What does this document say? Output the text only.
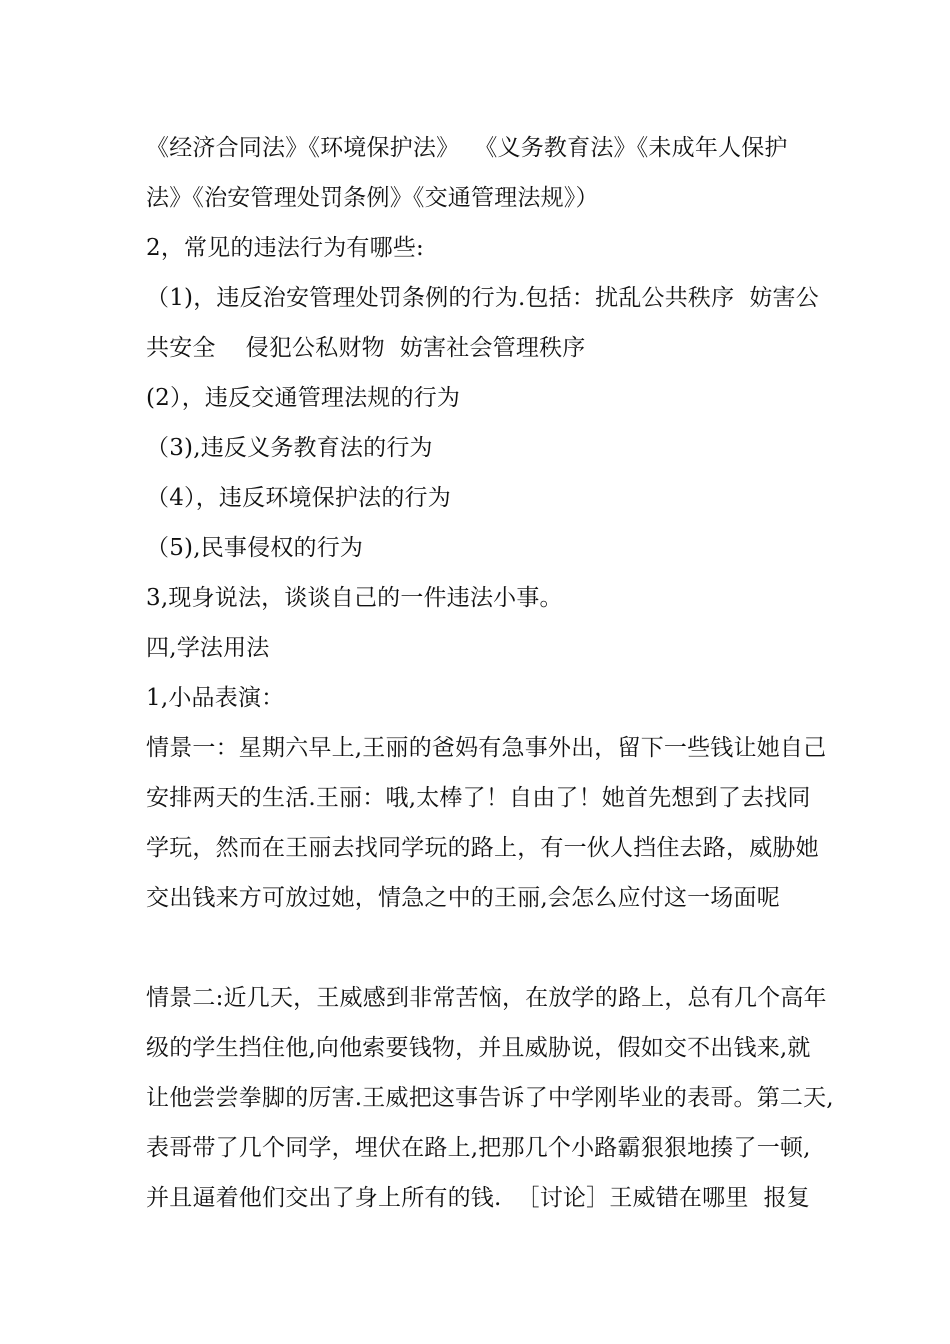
《经济合同法》《环境保护法》  《义务教育法》《未成年人保护
法》《治安管理处罚条例》《交通管理法规》）
2，常见的违法行为有哪些:
（1)，违反治安管理处罚条例的行为.包括：扰乱公共秩序  妨害公
共安全    侵犯公私财物  妨害社会管理秩序
(2），违反交通管理法规的行为
（3),违反义务教育法的行为
（4），违反环境保护法的行为
（5),民事侵权的行为
3,现身说法，谈谈自己的一件违法小事。
四,学法用法
1,小品表演：
情景一：星期六早上,王丽的爸妈有急事外出，留下一些钱让她自己
安排两天的生活.王丽：哦,太棒了！自由了！她首先想到了去找同
学玩，然而在王丽去找同学玩的路上，有一伙人挡住去路，威胁她
交出钱来方可放过她，情急之中的王丽,会怎么应付这一场面呢
情景二:近几天，王威感到非常苦恼，在放学的路上，总有几个高年
级的学生挡住他,向他索要钱物，并且威胁说，假如交不出钱来,就
让他尝尝拳脚的厉害.王威把这事告诉了中学刚毕业的表哥。第二天,
表哥带了几个同学，埋伏在路上,把那几个小路霸狠狠地揍了一顿,
并且逼着他们交出了身上所有的钱.  ［讨论］王威错在哪里  报复
